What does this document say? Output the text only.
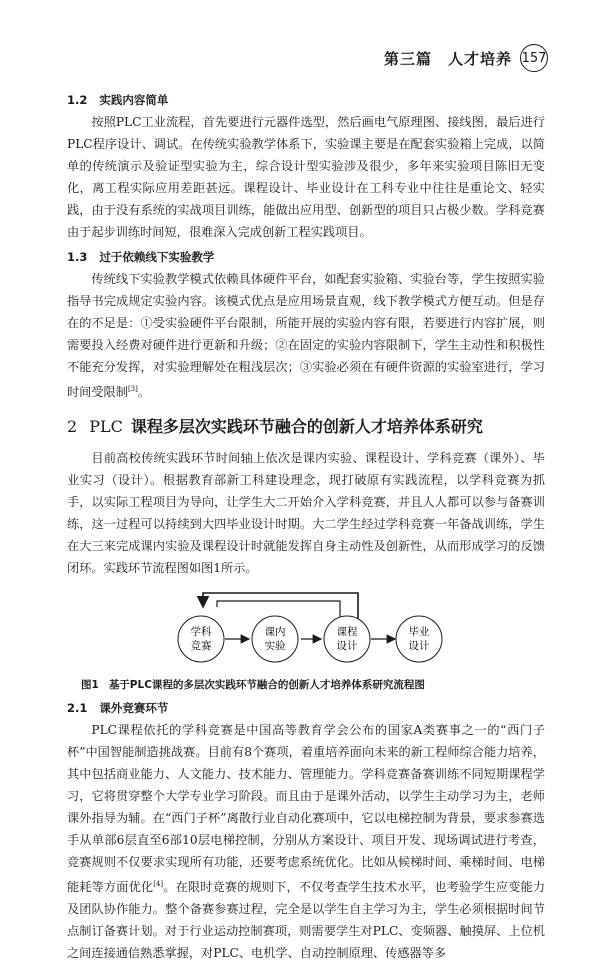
第三篇　人才培养 157
1.2 实践内容简单

按照PLC工业流程，首先要进行元器件选型，然后画电气原理图、接线图，最后进行PLC程序设计、调试。在传统实验教学体系下，实验课主要是在配套实验箱上完成，以简单的传统演示及验证型实验为主，综合设计型实验涉及很少，多年来实验项目陈旧无变化，离工程实际应用差距甚远。课程设计、毕业设计在工科专业中往往是重论文、轻实践，由于没有系统的实战项目训练，能做出应用型、创新型的项目只占极少数。学科竞赛由于起步训练时间短，很难深入完成创新工程实践项目。

1.3 过于依赖线下实验教学

传统线下实验教学模式依赖具体硬件平台，如配套实验箱、实验台等，学生按照实验指导书完成规定实验内容。该模式优点是应用场景直观，线下教学模式方便互动。但是存在的不足是：①受实验硬件平台限制，所能开展的实验内容有限，若要进行内容扩展，则需要投入经费对硬件进行更新和升级；②在固定的实验内容限制下，学生主动性和积极性不能充分发挥，对实验理解处在粗浅层次；③实验必须在有硬件资源的实验室进行，学习时间受限制[3]。

2 PLC 课程多层次实践环节融合的创新人才培养体系研究

目前高校传统实践环节时间轴上依次是课内实验、课程设计、学科竞赛（课外）、毕业实习（设计）。根据教育部新工科建设理念，现打破原有实践流程，以学科竞赛为抓手，以实际工程项目为导向，让学生大二开始介入学科竞赛，并且人人都可以参与备赛训练，这一过程可以持续到大四毕业设计时期。大二学生经过学科竞赛一年备战训练，学生在大三来完成课内实验及课程设计时就能发挥自身主动性及创新性，从而形成学习的反馈闭环。实践环节流程图如图1所示。

学科
竞赛
课内
实验
课程
设计
毕业
设计
图1 基于PLC课程的多层次实践环节融合的创新人才培养体系研究流程图
2.1 课外竞赛环节

PLC课程依托的学科竞赛是中国高等教育学会公布的国家A类赛事之一的“西门子杯”中国智能制造挑战赛。目前有8个赛项，着重培养面向未来的新工程师综合能力培养，其中包括商业能力、人文能力、技术能力、管理能力。学科竞赛备赛训练不同短期课程学习，它将贯穿整个大学专业学习阶段。而且由于是课外活动，以学生主动学习为主，老师课外指导为辅。在“西门子杯”离散行业自动化赛项中，它以电梯控制为背景，要求参赛选手从单部6层直至6部10层电梯控制，分别从方案设计、项目开发、现场调试进行考查，竞赛规则不仅要求实现所有功能，还要考虑系统优化。比如从候梯时间、乘梯时间、电梯能耗等方面优化[4]。在限时竞赛的规则下，不仅考查学生技术水平，也考验学生应变能力及团队协作能力。整个备赛参赛过程，完全是以学生自主学习为主，学生必须根据时间节点制订备赛计划。对于行业运动控制赛项，则需要学生对PLC、变频器、触摸屏、上位机之间连接通信熟悉掌握，对PLC、电机学、自动控制原理、传感器等多
